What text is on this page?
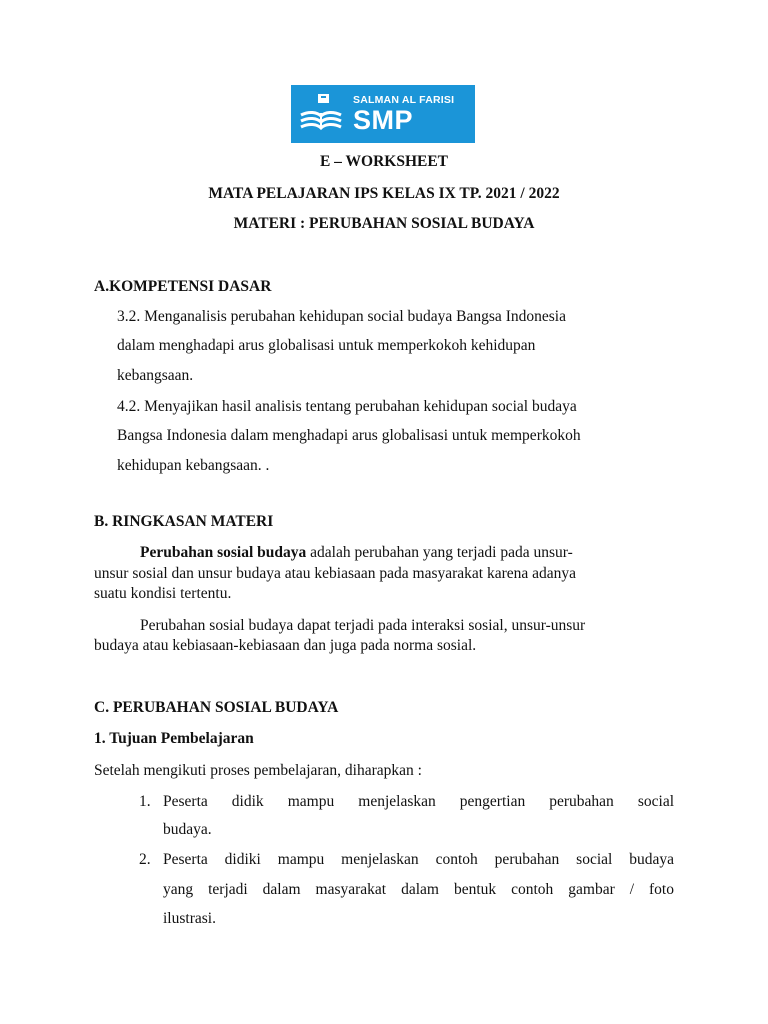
SALMAN AL FARISI
SMP
E – WORKSHEET
MATA PELAJARAN IPS KELAS IX TP. 2021 / 2022
MATERI : PERUBAHAN SOSIAL BUDAYA
A.KOMPETENSI DASAR
3.2. Menganalisis perubahan kehidupan social budaya Bangsa Indonesia
dalam menghadapi arus globalisasi untuk memperkokoh kehidupan
kebangsaan.
4.2. Menyajikan hasil analisis tentang perubahan kehidupan social budaya
Bangsa Indonesia dalam menghadapi arus globalisasi untuk memperkokoh
kehidupan kebangsaan. .
B. RINGKASAN MATERI
Perubahan sosial budaya adalah perubahan yang terjadi pada unsur-
unsur sosial dan unsur budaya atau kebiasaan pada masyarakat karena adanya
suatu kondisi tertentu.
Perubahan sosial budaya dapat terjadi pada interaksi sosial, unsur-unsur
budaya atau kebiasaan-kebiasaan dan juga pada norma sosial.
C. PERUBAHAN SOSIAL BUDAYA
1. Tujuan Pembelajaran
Setelah mengikuti proses pembelajaran, diharapkan :
1. Peserta didik mampu menjelaskan pengertian perubahan social
budaya.
2. Peserta didiki mampu menjelaskan contoh perubahan social budaya
yang terjadi dalam masyarakat dalam bentuk contoh gambar / foto
ilustrasi.
